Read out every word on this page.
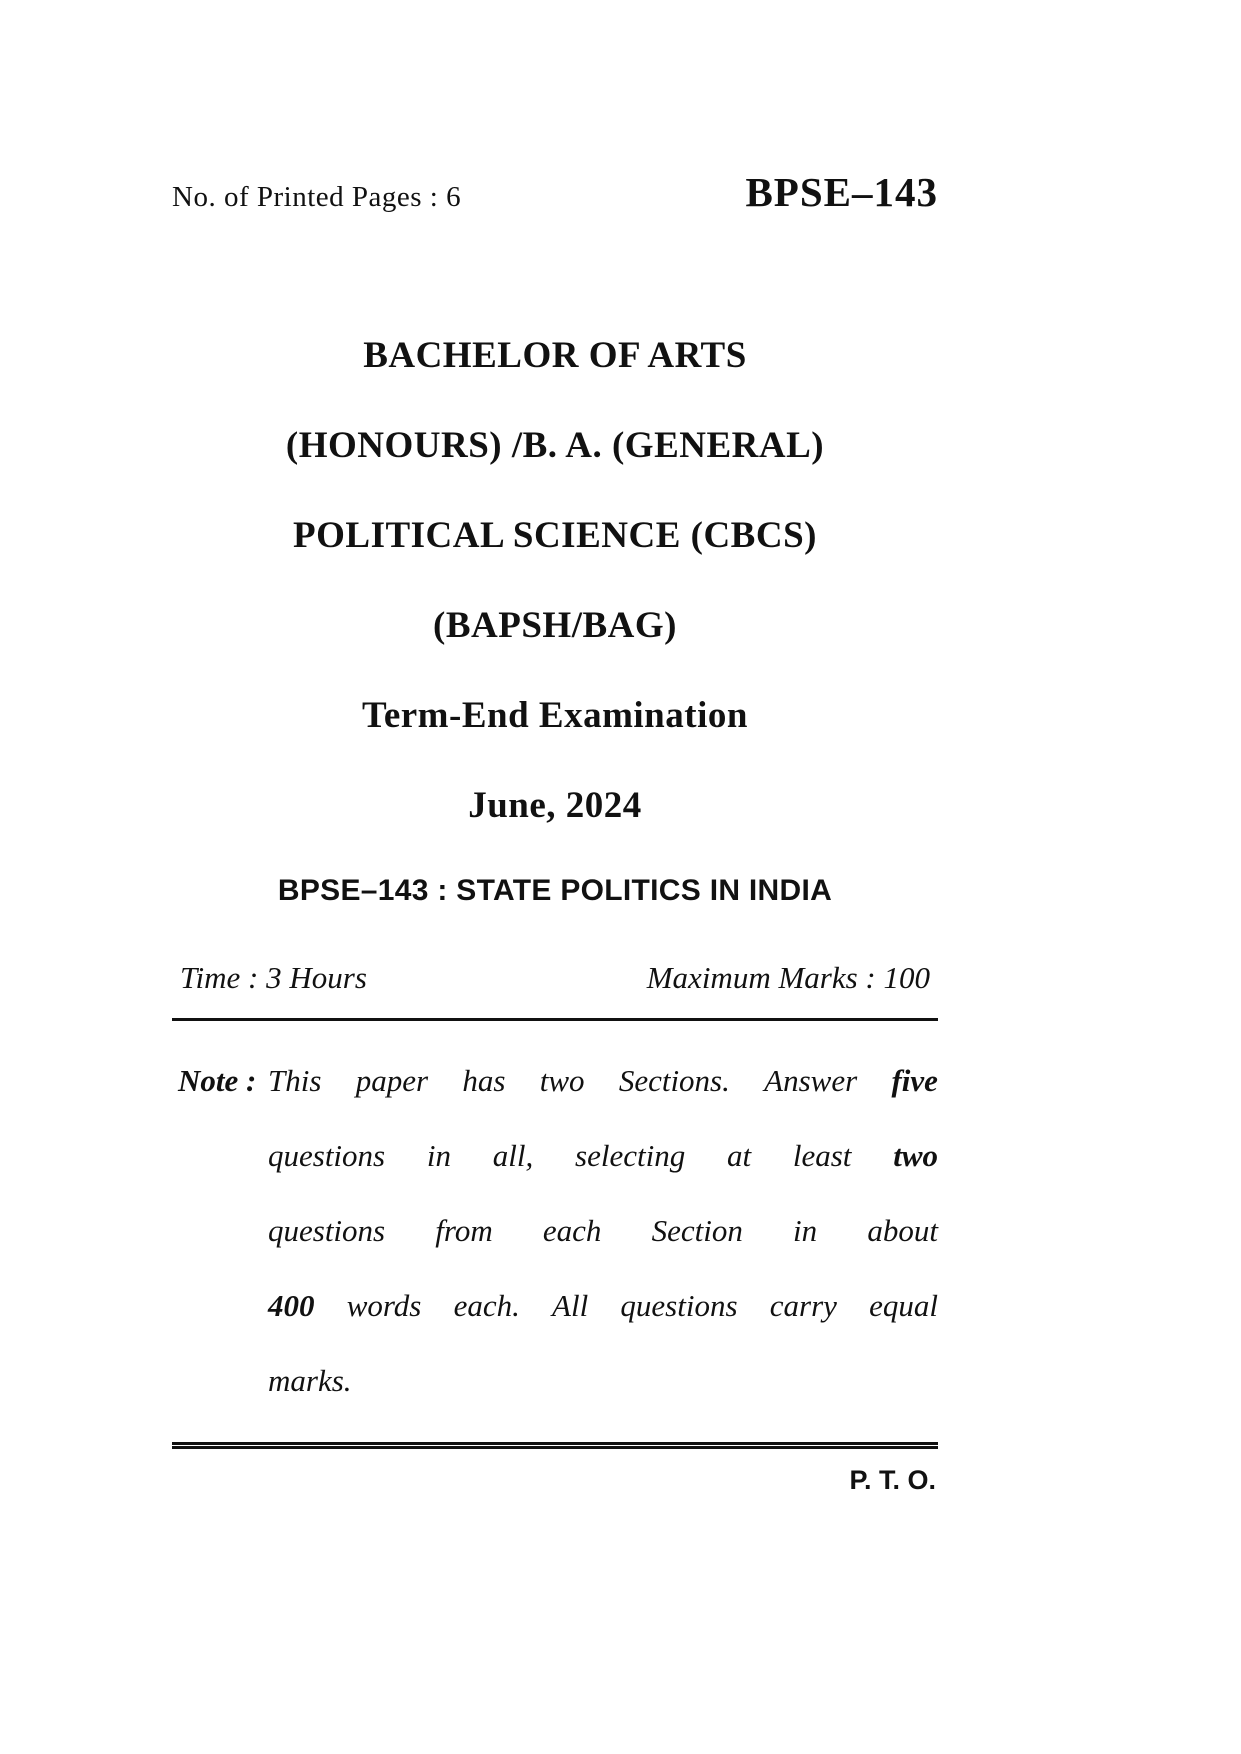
No. of Printed Pages : 6	BPSE–143
BACHELOR OF ARTS
(HONOURS) /B. A. (GENERAL)
POLITICAL SCIENCE (CBCS)
(BAPSH/BAG)
Term-End Examination
June, 2024
BPSE–143 : STATE POLITICS IN INDIA
Time : 3 Hours	Maximum Marks : 100
Note : This paper has two Sections. Answer five
questions in all, selecting at least two
questions from each Section in about
400 words each. All questions carry equal
marks.
P. T. O.
